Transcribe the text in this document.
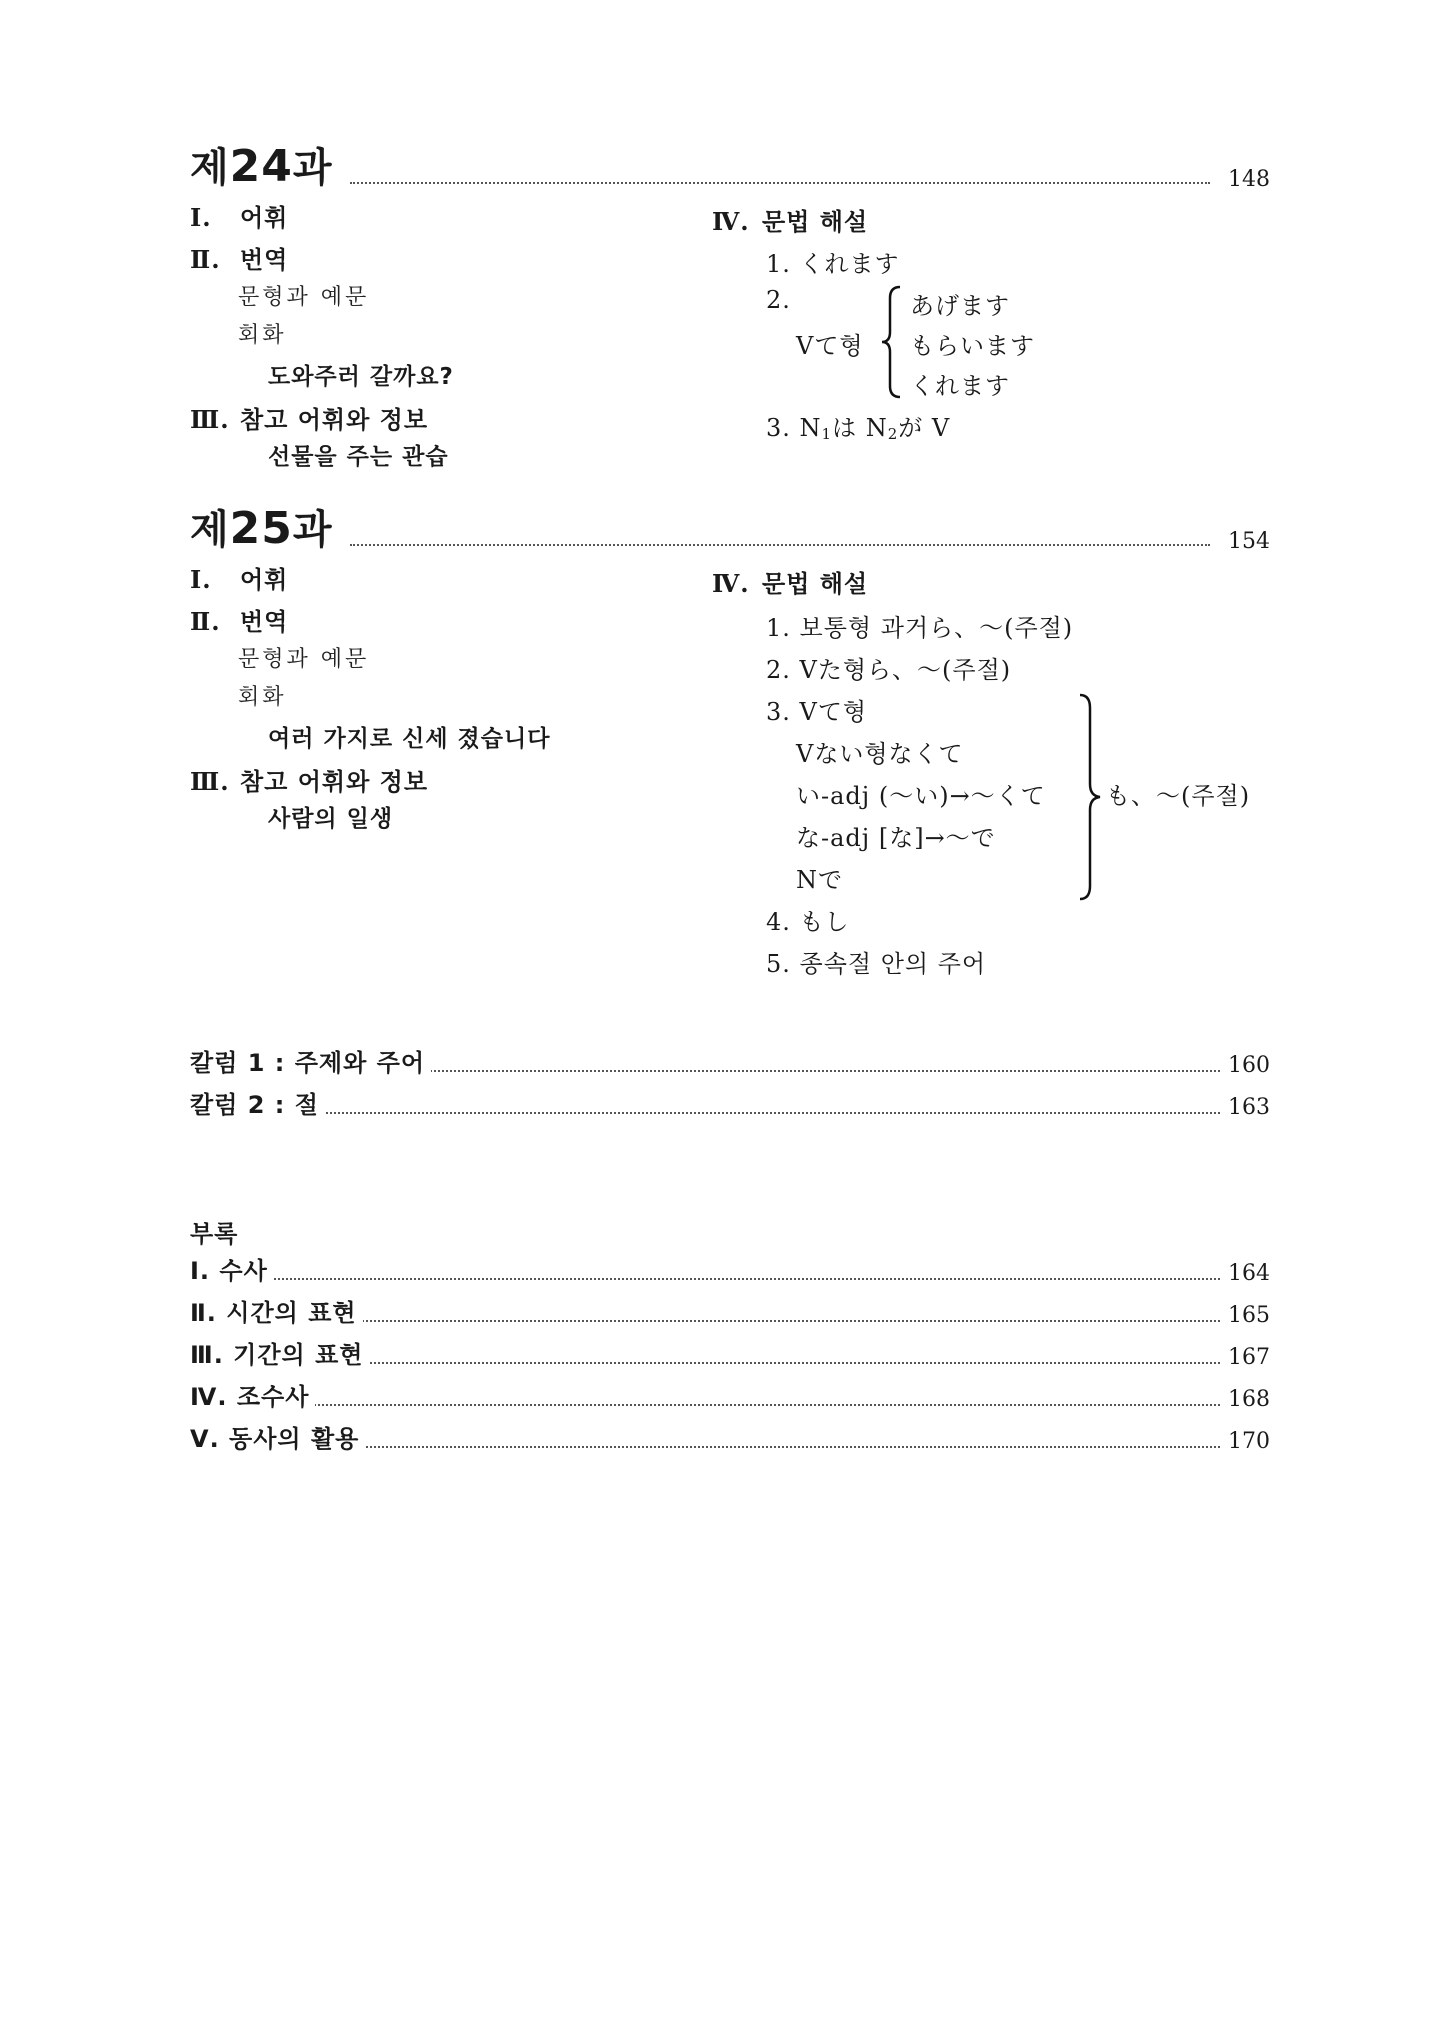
제24과	148
Ⅰ. 어휘
Ⅱ. 번역
문형과 예문
회화
도와주러 갈까요?
Ⅲ. 참고 어휘와 정보
선물을 주는 관습
Ⅳ. 문법 해설
1. くれます
2.
Vて형
あげます
もらいます
くれます
3. $N_1$は $N_2$が V
제25과	154
Ⅰ. 어휘
Ⅱ. 번역
문형과 예문
회화
여러 가지로 신세 졌습니다
Ⅲ. 참고 어휘와 정보
사람의 일생
Ⅳ. 문법 해설
1. 보통형 과거ら、〜(주절)
2. Vた형ら、〜(주절)
3. Vて형
Vない형なくて
い-adj (〜い)→〜くて
な-adj [な]→〜で
Nで
も、〜(주절)
4. もし
5. 종속절 안의 주어
칼럼 1 : 주제와 주어	160
칼럼 2 : 절	163
부록
Ⅰ. 수사	164
Ⅱ. 시간의 표현	165
Ⅲ. 기간의 표현	167
Ⅳ. 조수사	168
Ⅴ. 동사의 활용	170
